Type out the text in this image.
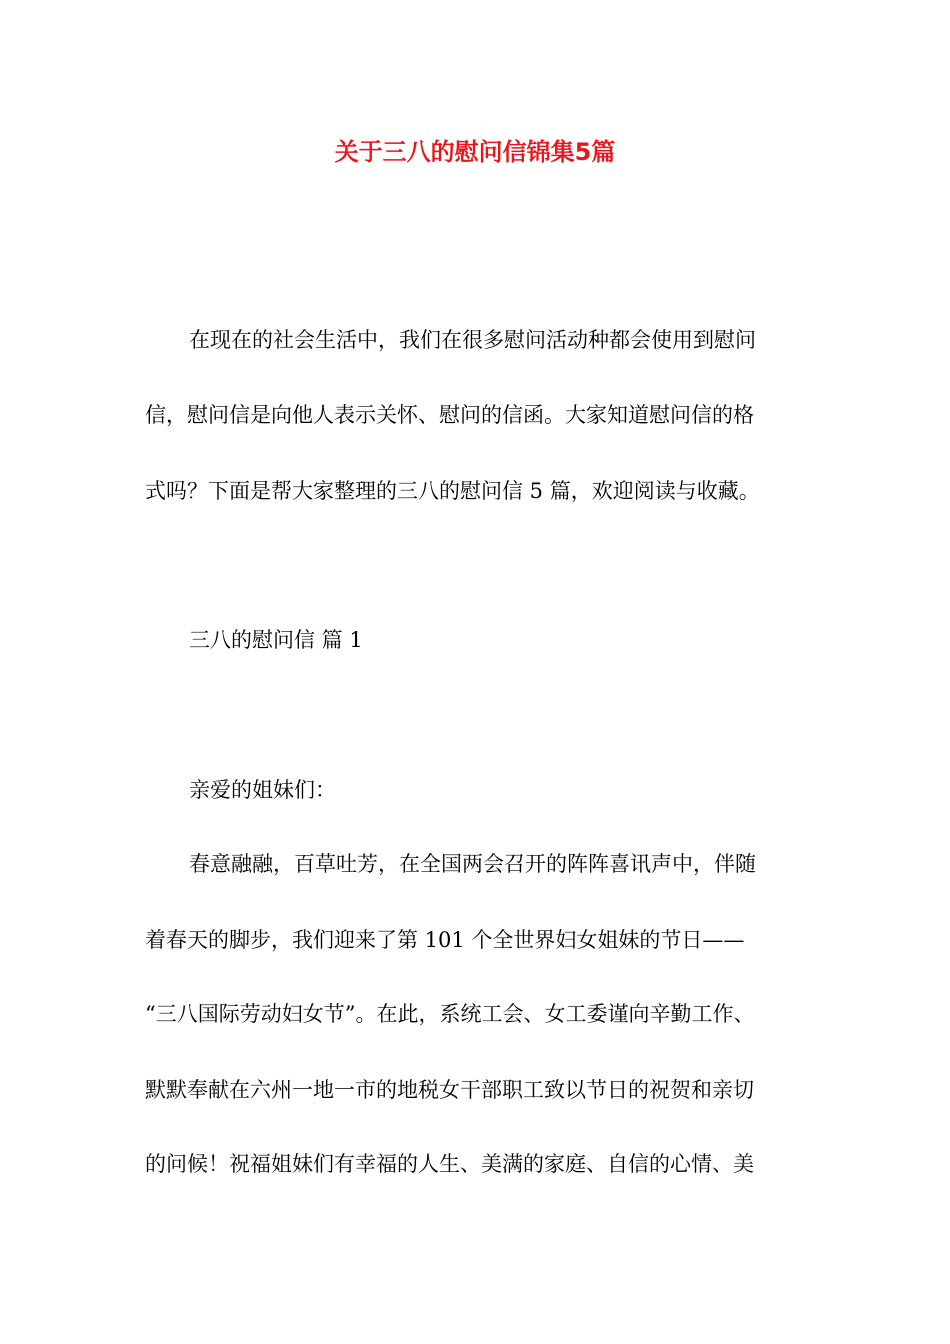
关于三八的慰问信锦集5篇

在现在的社会生活中，我们在很多慰问活动种都会使用到慰问

信，慰问信是向他人表示关怀、慰问的信函。大家知道慰问信的格

式吗？下面是帮大家整理的三八的慰问信 5 篇，欢迎阅读与收藏。

三八的慰问信 篇 1

亲爱的姐妹们：

春意融融，百草吐芳，在全国两会召开的阵阵喜讯声中，伴随

着春天的脚步，我们迎来了第 101 个全世界妇女姐妹的节日——

“三八国际劳动妇女节”。在此，系统工会、女工委谨向辛勤工作、

默默奉献在六州一地一市的地税女干部职工致以节日的祝贺和亲切

的问候！祝福姐妹们有幸福的人生、美满的家庭、自信的心情、美
